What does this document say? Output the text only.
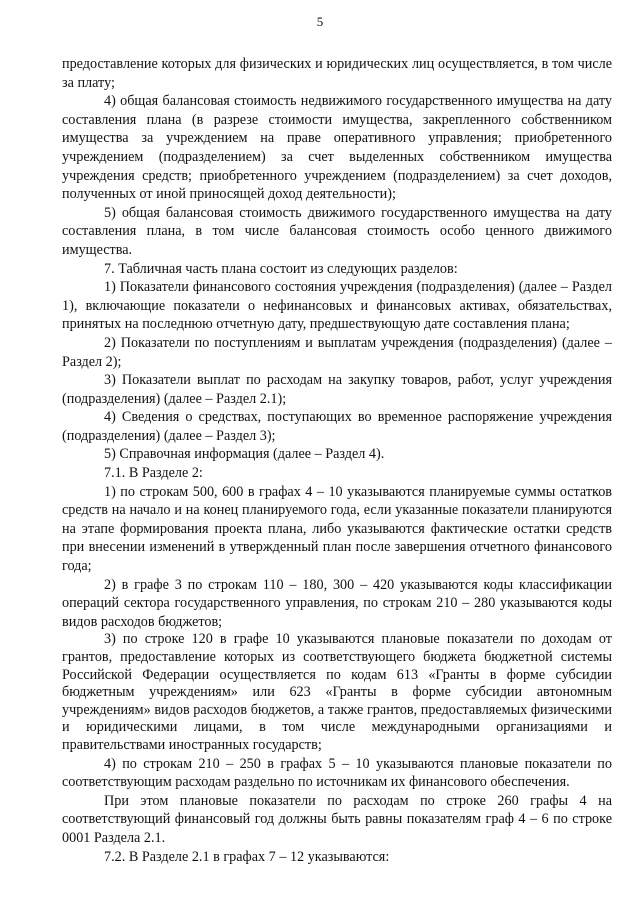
5

предоставление которых для физических и юридических лиц осуществляется, в том числе за плату;

4) общая балансовая стоимость недвижимого государственного имущества на дату составления плана (в разрезе стоимости имущества, закрепленного собственником имущества за учреждением на праве оперативного управления; приобретенного учреждением (подразделением) за счет выделенных собственником имущества учреждения средств; приобретенного учреждением (подразделением) за счет доходов, полученных от иной приносящей доход деятельности);

5) общая балансовая стоимость движимого государственного имущества на дату составления плана, в том числе балансовая стоимость особо ценного движимого имущества.

7. Табличная часть плана состоит из следующих разделов:

1) Показатели финансового состояния учреждения (подразделения) (далее – Раздел 1), включающие показатели о нефинансовых и финансовых активах, обязательствах, принятых на последнюю отчетную дату, предшествующую дате составления плана;

2) Показатели по поступлениям и выплатам учреждения (подразделения) (далее – Раздел 2);

3) Показатели выплат по расходам на закупку товаров, работ, услуг учреждения (подразделения) (далее – Раздел 2.1);

4) Сведения о средствах, поступающих во временное распоряжение учреждения (подразделения) (далее – Раздел 3);

5) Справочная информация (далее – Раздел 4).

7.1. В Разделе 2:

1) по строкам 500, 600 в графах 4 – 10 указываются планируемые суммы остатков средств на начало и на конец планируемого года, если указанные показатели планируются на этапе формирования проекта плана, либо указываются фактические остатки средств при внесении изменений в утвержденный план после завершения отчетного финансового года;

2) в графе 3 по строкам 110 – 180, 300 – 420 указываются коды классификации операций сектора государственного управления, по строкам 210 – 280 указываются коды видов расходов бюджетов;

3) по строке 120 в графе 10 указываются плановые показатели по доходам от грантов, предоставление которых из соответствующего бюджета бюджетной системы Российской Федерации осуществляется по кодам 613 «Гранты в форме субсидии бюджетным учреждениям» или 623 «Гранты в форме субсидии автономным учреждениям» видов расходов бюджетов, а также грантов, предоставляемых физическими и юридическими лицами, в том числе международными организациями и правительствами иностранных государств;

4) по строкам 210 – 250 в графах 5 – 10 указываются плановые показатели по соответствующим расходам раздельно по источникам их финансового обеспечения.

При этом плановые показатели по расходам по строке 260 графы 4 на соответствующий финансовый год должны быть равны показателям граф 4 – 6 по строке 0001 Раздела 2.1.

7.2. В Разделе 2.1 в графах 7 – 12 указываются:
